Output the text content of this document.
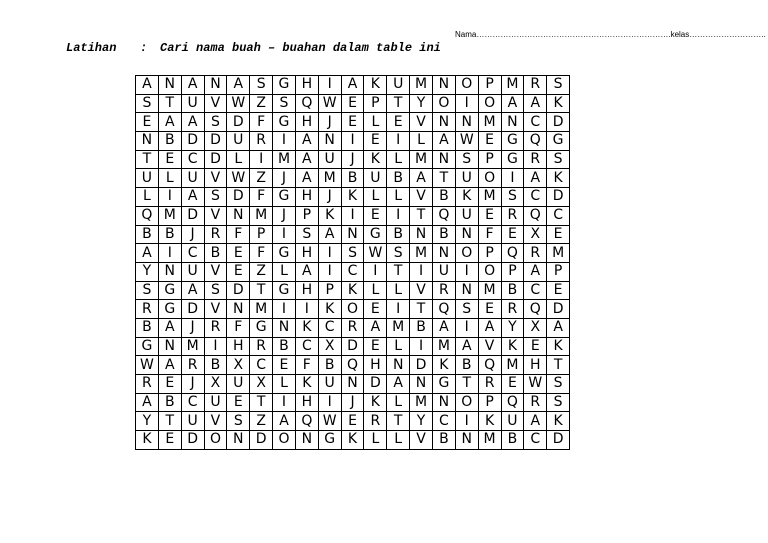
Nama……………………………………………………………….kelas………………………..
Latihan : Cari nama buah – buahan dalam table ini
A	N	A	N	A	S	G	H	I	A	K	U	M	N	O	P	M	R	S
S	T	U	V	W	Z	S	Q	W	E	P	T	Y	O	I	O	A	A	K
E	A	A	S	D	F	G	H	J	E	L	E	V	N	N	M	N	C	D
N	B	D	D	U	R	I	A	N	I	E	I	L	A	W	E	G	Q	G
T	E	C	D	L	I	M	A	U	J	K	L	M	N	S	P	G	R	S
U	L	U	V	W	Z	J	A	M	B	U	B	A	T	U	O	I	A	K
L	I	A	S	D	F	G	H	J	K	L	L	V	B	K	M	S	C	D
Q	M	D	V	N	M	J	P	K	I	E	I	T	Q	U	E	R	Q	C
B	B	J	R	F	P	I	S	A	N	G	B	N	B	N	F	E	X	E
A	I	C	B	E	F	G	H	I	S	W	S	M	N	O	P	Q	R	M
Y	N	U	V	E	Z	L	A	I	C	I	T	I	U	I	O	P	A	P
S	G	A	S	D	T	G	H	P	K	L	L	V	R	N	M	B	C	E
R	G	D	V	N	M	I	I	K	O	E	I	T	Q	S	E	R	Q	D
B	A	J	R	F	G	N	K	C	R	A	M	B	A	I	A	Y	X	A
G	N	M	I	H	R	B	C	X	D	E	L	I	M	A	V	K	E	K
W	A	R	B	X	C	E	F	B	Q	H	N	D	K	B	Q	M	H	T
R	E	J	X	U	X	L	K	U	N	D	A	N	G	T	R	E	W	S
A	B	C	U	E	T	I	H	I	J	K	L	M	N	O	P	Q	R	S
Y	T	U	V	S	Z	A	Q	W	E	R	T	Y	C	I	K	U	A	K
K	E	D	O	N	D	O	N	G	K	L	L	V	B	N	M	B	C	D
